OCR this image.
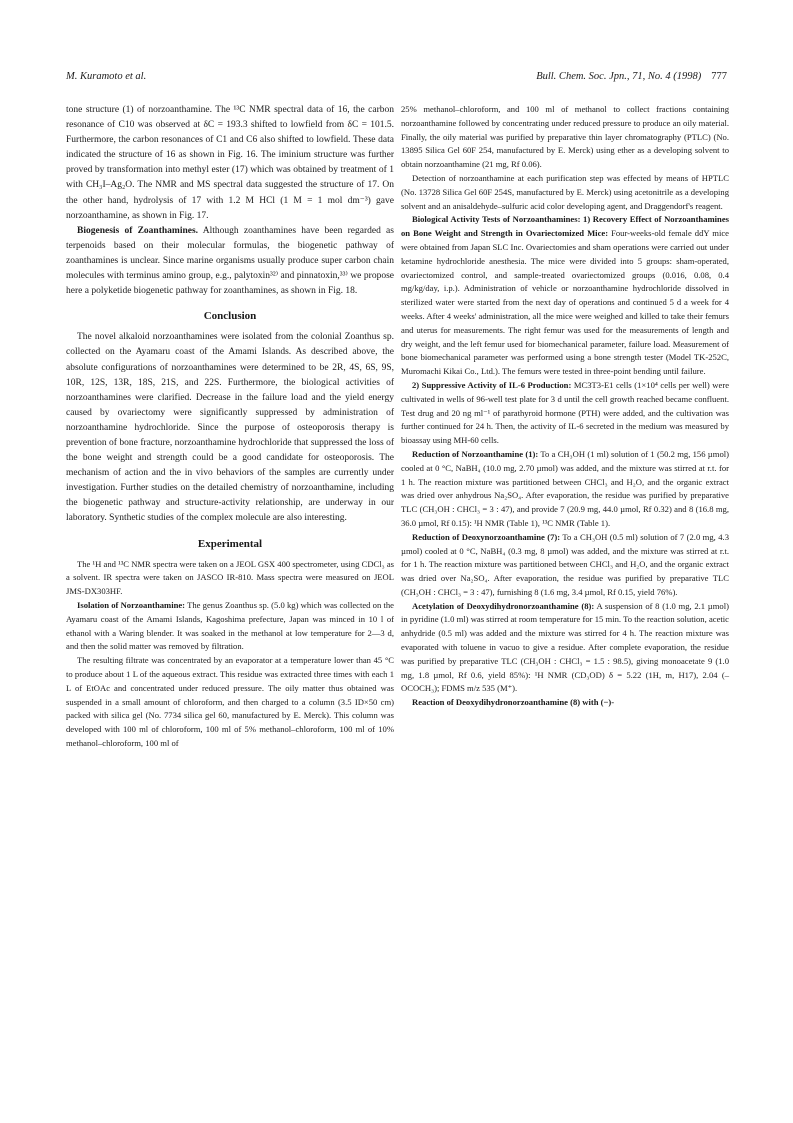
M. Kuramoto et al.	Bull. Chem. Soc. Jpn., 71, No. 4 (1998) 777

tone structure (1) of norzoanthamine. The ¹³C NMR spectral data of 16, the carbon resonance of C10 was observed at δC = 193.3 shifted to lowfield from δC = 101.5. Furthermore, the carbon resonances of C1 and C6 also shifted to lowfield. These data indicated the structure of 16 as shown in Fig. 16. The iminium structure was further proved by transformation into methyl ester (17) which was obtained by treatment of 1 with CH₃I–Ag₂O. The NMR and MS spectral data suggested the structure of 17. On the other hand, hydrolysis of 17 with 1.2 M HCl (1 M = 1 mol dm⁻³) gave norzoanthamine, as shown in Fig. 17.

Biogenesis of Zoanthamines. Although zoanthamines have been regarded as terpenoids based on their molecular formulas, the biogenetic pathway of zoanthamines is unclear. Since marine organisms usually produce super carbon chain molecules with terminus amino group, e.g., palytoxin³²⁾ and pinnatoxin,³³⁾ we propose here a polyketide biogenetic pathway for zoanthamines, as shown in Fig. 18.

Conclusion

The novel alkaloid norzoanthamines were isolated from the colonial Zoanthus sp. collected on the Ayamaru coast of the Amami Islands. As described above, the absolute configurations of norzoanthamines were determined to be 2R, 4S, 6S, 9S, 10R, 12S, 13R, 18S, 21S, and 22S. Furthermore, the biological activities of norzoanthamines were clarified. Decrease in the failure load and the yield energy caused by ovariectomy were significantly suppressed by administration of norzoanthamine hydrochloride. Since the purpose of osteoporosis therapy is prevention of bone fracture, norzoanthamine hydrochloride that suppressed the loss of the bone weight and strength could be a good candidate for osteoporosis. The mechanism of action and the in vivo behaviors of the samples are currently under investigation. Further studies on the detailed chemistry of norzoanthamine, including the biogenetic pathway and structure-activity relationship, are underway in our laboratory. Synthetic studies of the complex molecule are also interesting.

Experimental

The ¹H and ¹³C NMR spectra were taken on a JEOL GSX 400 spectrometer, using CDCl₃ as a solvent. IR spectra were taken on JASCO IR-810. Mass spectra were measured on JEOL JMS-DX303HF.

Isolation of Norzoanthamine: The genus Zoanthus sp. (5.0 kg) which was collected on the Ayamaru coast of the Amami Islands, Kagoshima prefecture, Japan was minced in 10 l of ethanol with a Waring blender. It was soaked in the methanol at low temperature for 2—3 d, and then the solid matter was removed by filtration.

The resulting filtrate was concentrated by an evaporator at a temperature lower than 45 °C to produce about 1 L of the aqueous extract. This residue was extracted three times with each 1 L of EtOAc and concentrated under reduced pressure. The oily matter thus obtained was suspended in a small amount of chloroform, and then charged to a column (3.5 ID×50 cm) packed with silica gel (No. 7734 silica gel 60, manufactured by E. Merck). This column was developed with 100 ml of chloroform, 100 ml of 5% methanol–chloroform, 100 ml of 10% methanol–chloroform, 100 ml of

25% methanol–chloroform, and 100 ml of methanol to collect fractions containing norzoanthamine followed by concentrating under reduced pressure to produce an oily material. Finally, the oily material was purified by preparative thin layer chromatography (PTLC) (No. 13895 Silica Gel 60F 254, manufactured by E. Merck) using ether as a developing solvent to obtain norzoanthamine (21 mg, Rf 0.06).

Detection of norzoanthamine at each purification step was effected by means of HPTLC (No. 13728 Silica Gel 60F 254S, manufactured by E. Merck) using acetonitrile as a developing solvent and an anisaldehyde–sulfuric acid color developing agent, and Draggendorf's reagent.

Biological Activity Tests of Norzoanthamines: 1) Recovery Effect of Norzoanthamines on Bone Weight and Strength in Ovariectomized Mice: Four-weeks-old female ddY mice were obtained from Japan SLC Inc. Ovariectomies and sham operations were carried out under ketamine hydrochloride anesthesia. The mice were divided into 5 groups: sham-operated, ovariectomized control, and sample-treated ovariectomized groups (0.016, 0.08, 0.4 mg/kg/day, i.p.). Administration of vehicle or norzoanthamine hydrochloride dissolved in sterilized water were started from the next day of operations and continued 5 d a week for 4 weeks. After 4 weeks' administration, all the mice were weighed and killed to take their femurs and uterus for measurements. The right femur was used for the measurements of length and dry weight, and the left femur used for biomechanical parameter, failure load. Measurement of bone biomechanical parameter was performed using a bone strength tester (Model TK-252C, Muromachi Kikai Co., Ltd.). The femurs were tested in three-point bending until failure.

2) Suppressive Activity of IL-6 Production: MC3T3-E1 cells (1×10⁴ cells per well) were cultivated in wells of 96-well test plate for 3 d until the cell growth reached became confluent. Test drug and 20 ng ml⁻¹ of parathyroid hormone (PTH) were added, and the cultivation was further continued for 24 h. Then, the activity of IL-6 secreted in the medium was measured by bioassay using MH-60 cells.

Reduction of Norzoanthamine (1): To a CH₃OH (1 ml) solution of 1 (50.2 mg, 156 µmol) cooled at 0 °C, NaBH₄ (10.0 mg, 2.70 µmol) was added, and the mixture was stirred at r.t. for 1 h. The reaction mixture was partitioned between CHCl₃ and H₂O, and the organic extract was dried over anhydrous Na₂SO₄. After evaporation, the residue was purified by preparative TLC (CH₃OH : CHCl₃ = 3 : 47), and provide 7 (20.9 mg, 44.0 µmol, Rf 0.32) and 8 (16.8 mg, 36.0 µmol, Rf 0.15): ¹H NMR (Table 1), ¹³C NMR (Table 1).

Reduction of Deoxynorzoanthamine (7): To a CH₃OH (0.5 ml) solution of 7 (2.0 mg, 4.3 µmol) cooled at 0 °C, NaBH₄ (0.3 mg, 8 µmol) was added, and the mixture was stirred at r.t. for 1 h. The reaction mixture was partitioned between CHCl₃ and H₂O, and the organic extract was dried over Na₂SO₄. After evaporation, the residue was purified by preparative TLC (CH₃OH : CHCl₃ = 3 : 47), furnishing 8 (1.6 mg, 3.4 µmol, Rf 0.15, yield 76%).

Acetylation of Deoxydihydronorzoanthamine (8): A suspension of 8 (1.0 mg, 2.1 µmol) in pyridine (1.0 ml) was stirred at room temperature for 15 min. To the reaction solution, acetic anhydride (0.5 ml) was added and the mixture was stirred for 4 h. The reaction mixture was evaporated with toluene in vacuo to give a residue. After complete evaporation, the residue was purified by preparative TLC (CH₃OH : CHCl₃ = 1.5 : 98.5), giving monoacetate 9 (1.0 mg, 1.8 µmol, Rf 0.6, yield 85%): ¹H NMR (CD₃OD) δ = 5.22 (1H, m, H17), 2.04 (–OCOCH₃); FDMS m/z 535 (M⁺).

Reaction of Deoxydihydronorzoanthamine (8) with (−)-
